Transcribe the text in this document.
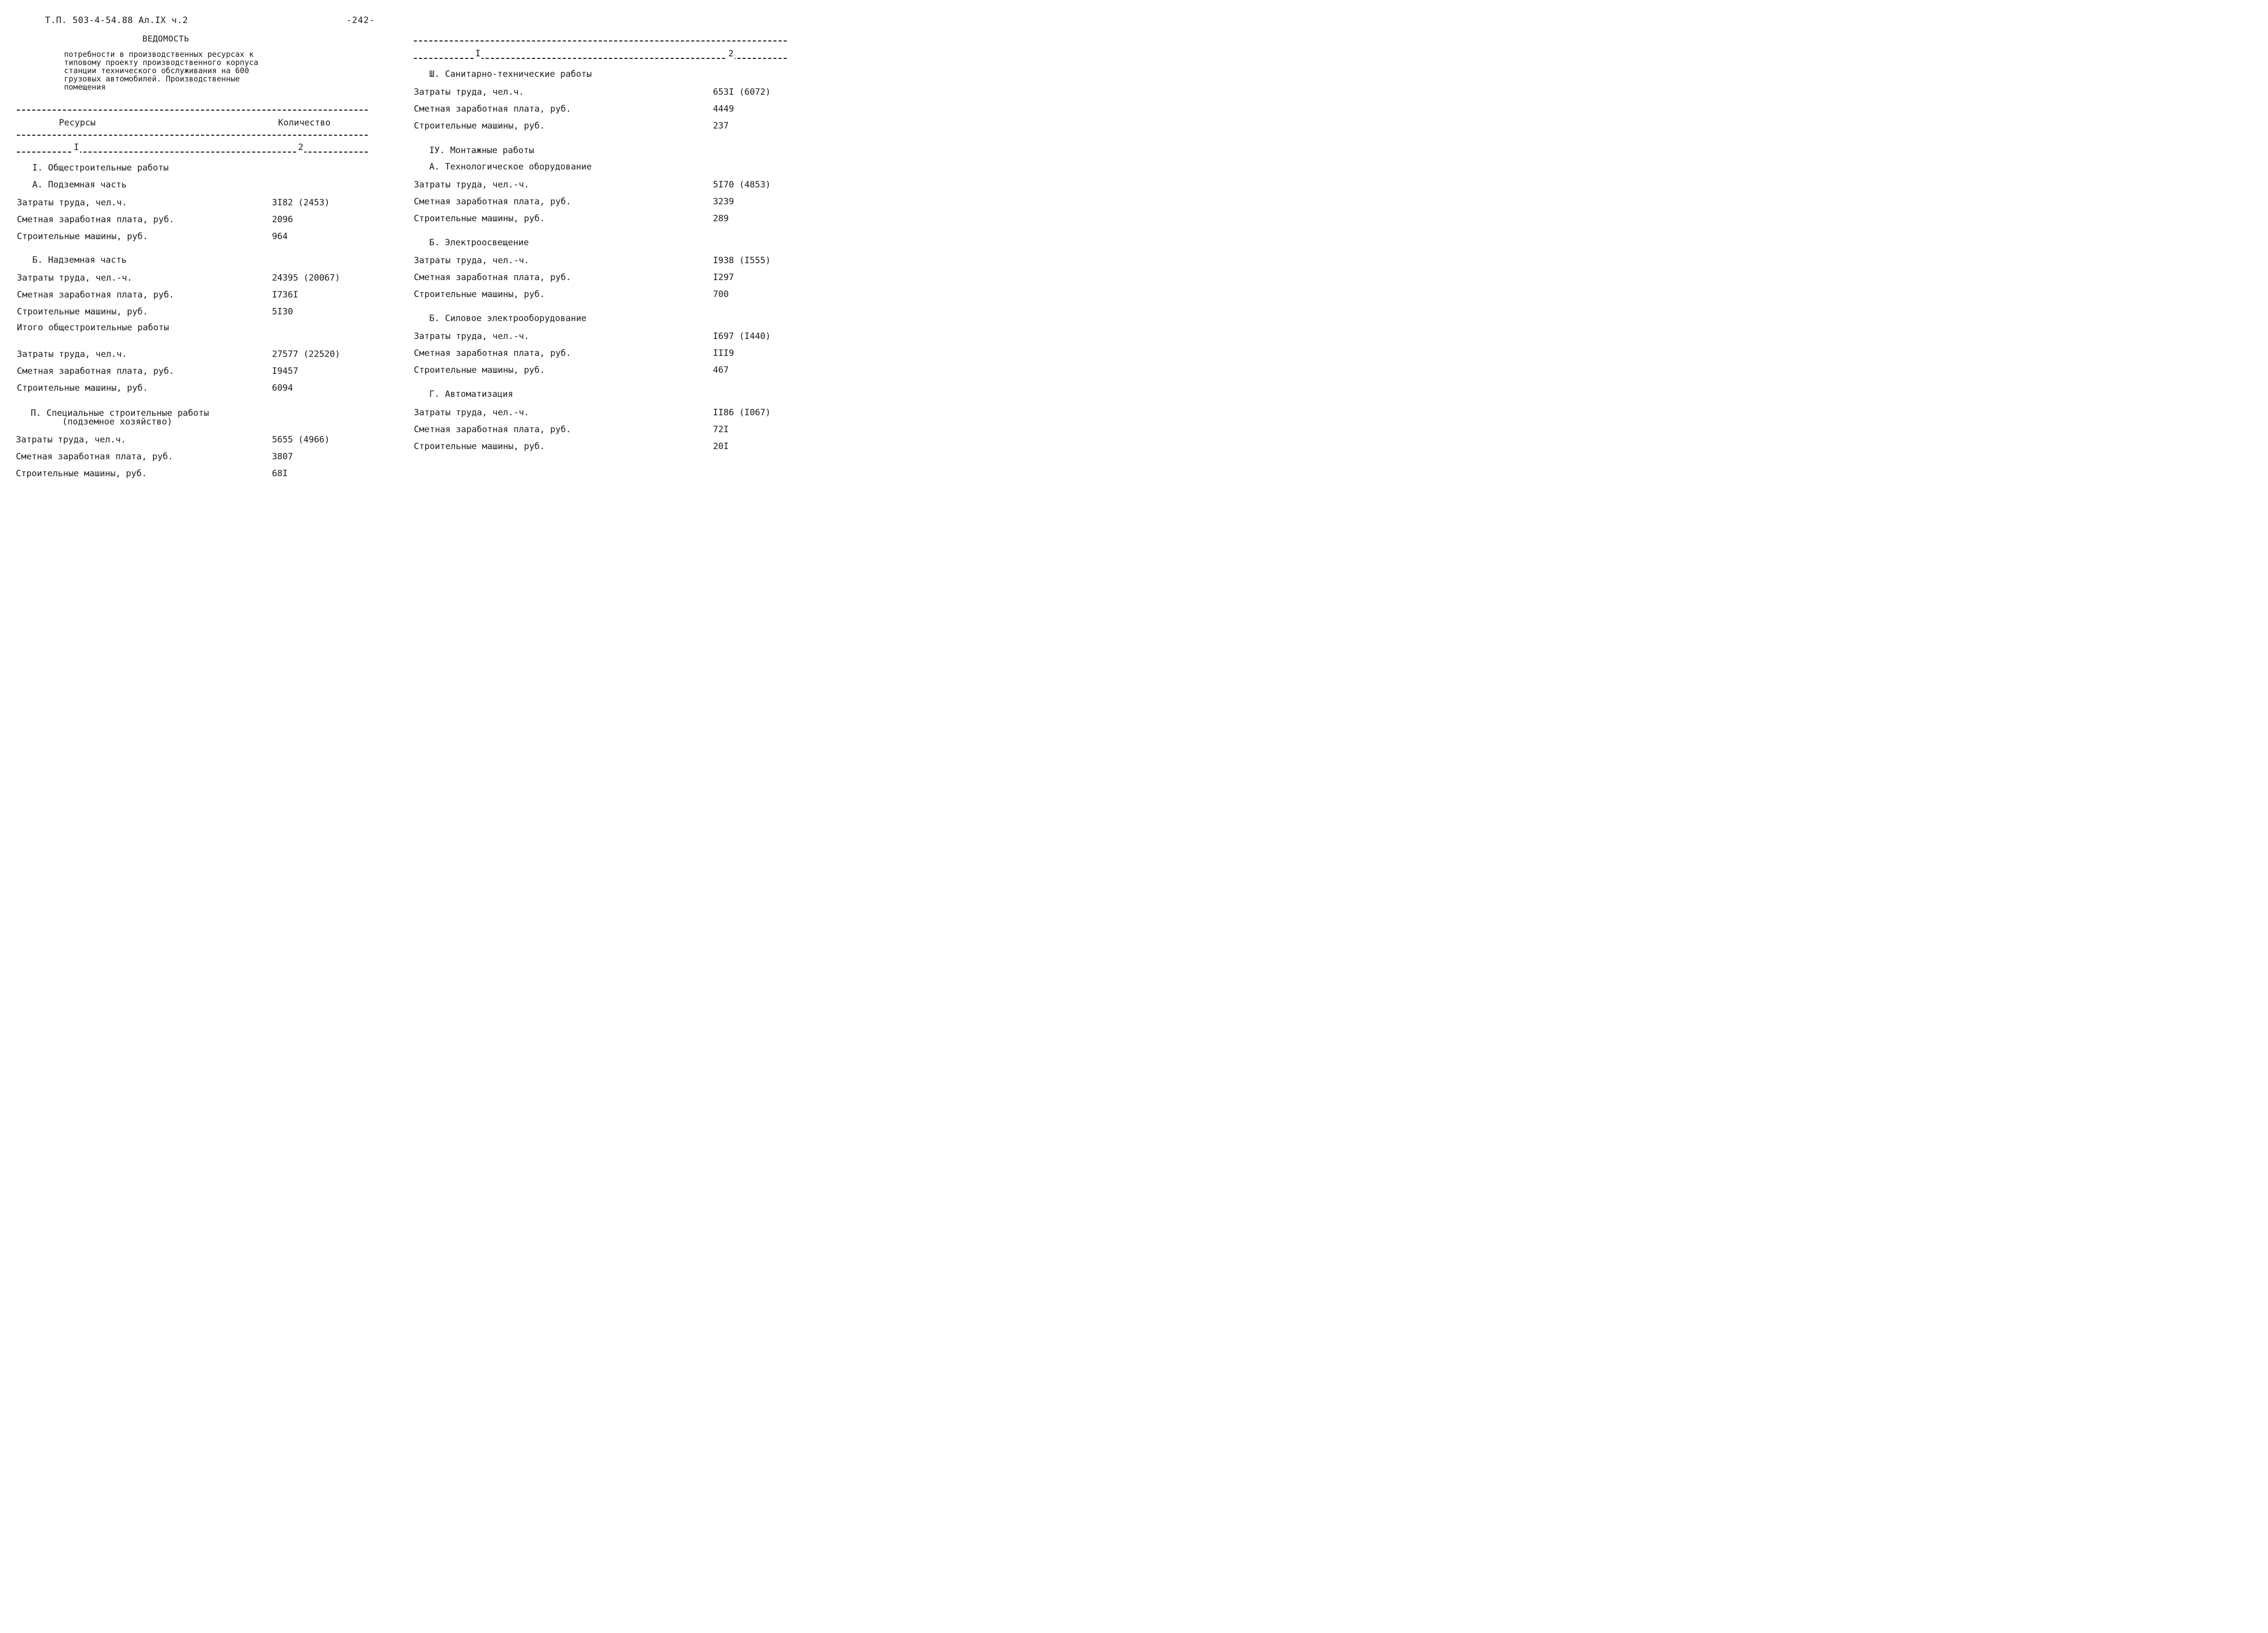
Т.П. 503-4-54.88 Ал.IX ч.2	-242-
ВЕДОМОСТЬ
потребности в производственных ресурсах к
типовому проекту производственного корпуса
станции технического обслуживания на 600
грузовых автомобилей. Производственные
помещения
Ресурсы	Количество
I	2
I. Общестроительные работы
А. Подземная часть
Затраты труда, чел.ч.	3I82 (2453)
Сметная заработная плата, руб.	2096
Строительные машины, руб.	964
Б. Надземная часть
Затраты труда, чел.-ч.	24395 (20067)
Сметная заработная плата, руб.	I736I
Строительные машины, руб.	5I30
Итого общестроительные работы
Затраты труда, чел.ч.	27577 (22520)
Сметная заработная плата, руб.	I9457
Строительные машины, руб.	6094
П. Специальные строительные работы
(подземное хозяйство)
Затраты труда, чел.ч.	5655 (4966)
Сметная заработная плата, руб.	3807
Строительные машины, руб.	68I
I	2
Ш. Санитарно-технические работы
Затраты труда, чел.ч.	653I (6072)
Сметная заработная плата, руб.	4449
Строительные машины, руб.	237
IУ. Монтажные работы
А. Технологическое оборудование
Затраты труда, чел.-ч.	5I70 (4853)
Сметная заработная плата, руб.	3239
Строительные машины, руб.	289
Б. Электроосвещение
Затраты труда, чел.-ч.	I938 (I555)
Сметная заработная плата, руб.	I297
Строительные машины, руб.	700
Б. Силовое электрооборудование
Затраты труда, чел.-ч.	I697 (I440)
Сметная заработная плата, руб.	III9
Строительные машины, руб.	467
Г. Автоматизация
Затраты труда, чел.-ч.	II86 (I067)
Сметная заработная плата, руб.	72I
Строительные машины, руб.	20I
